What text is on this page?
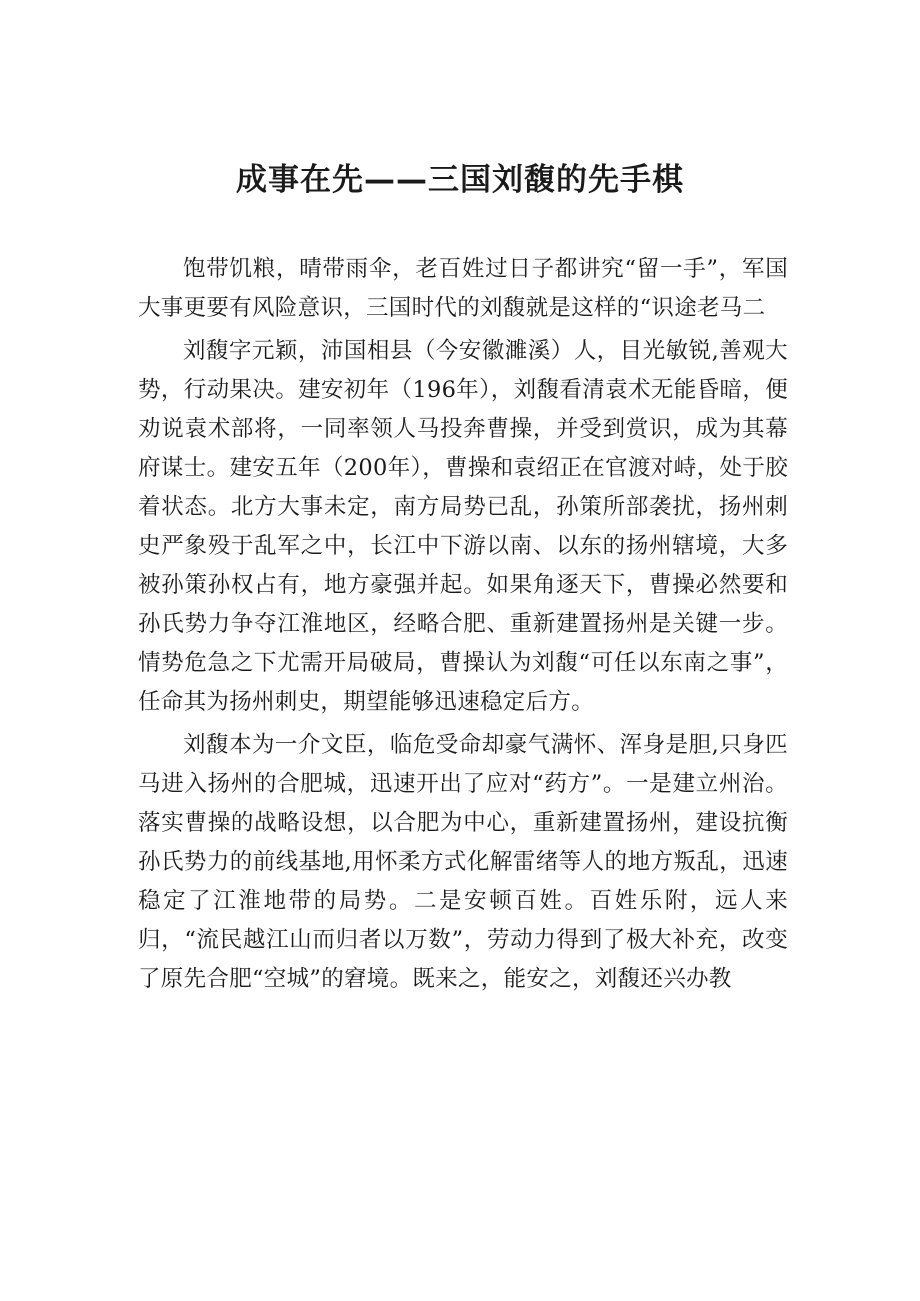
成事在先——三国刘馥的先手棋

饱带饥粮，晴带雨伞，老百姓过日子都讲究“留一手”，军国大事更要有风险意识，三国时代的刘馥就是这样的“识途老马二

刘馥字元颖，沛国相县（今安徽濉溪）人，目光敏锐,善观大势，行动果决。建安初年（196年），刘馥看清袁术无能昏暗，便劝说袁术部将，一同率领人马投奔曹操，并受到赏识，成为其幕府谋士。建安五年（200年），曹操和袁绍正在官渡对峙，处于胶着状态。北方大事未定，南方局势已乱，孙策所部袭扰，扬州刺史严象殁于乱军之中，长江中下游以南、以东的扬州辖境，大多被孙策孙权占有，地方豪强并起。如果角逐天下，曹操必然要和孙氏势力争夺江淮地区，经略合肥、重新建置扬州是关键一步。情势危急之下尤需开局破局，曹操认为刘馥“可任以东南之事”，任命其为扬州刺史，期望能够迅速稳定后方。

刘馥本为一介文臣，临危受命却豪气满怀、浑身是胆,只身匹马进入扬州的合肥城，迅速开出了应对“药方”。一是建立州治。落实曹操的战略设想，以合肥为中心，重新建置扬州，建设抗衡孙氏势力的前线基地,用怀柔方式化解雷绪等人的地方叛乱，迅速稳定了江淮地带的局势。二是安顿百姓。百姓乐附，远人来归，“流民越江山而归者以万数”，劳动力得到了极大补充，改变了原先合肥“空城”的窘境。既来之，能安之，刘馥还兴办教
